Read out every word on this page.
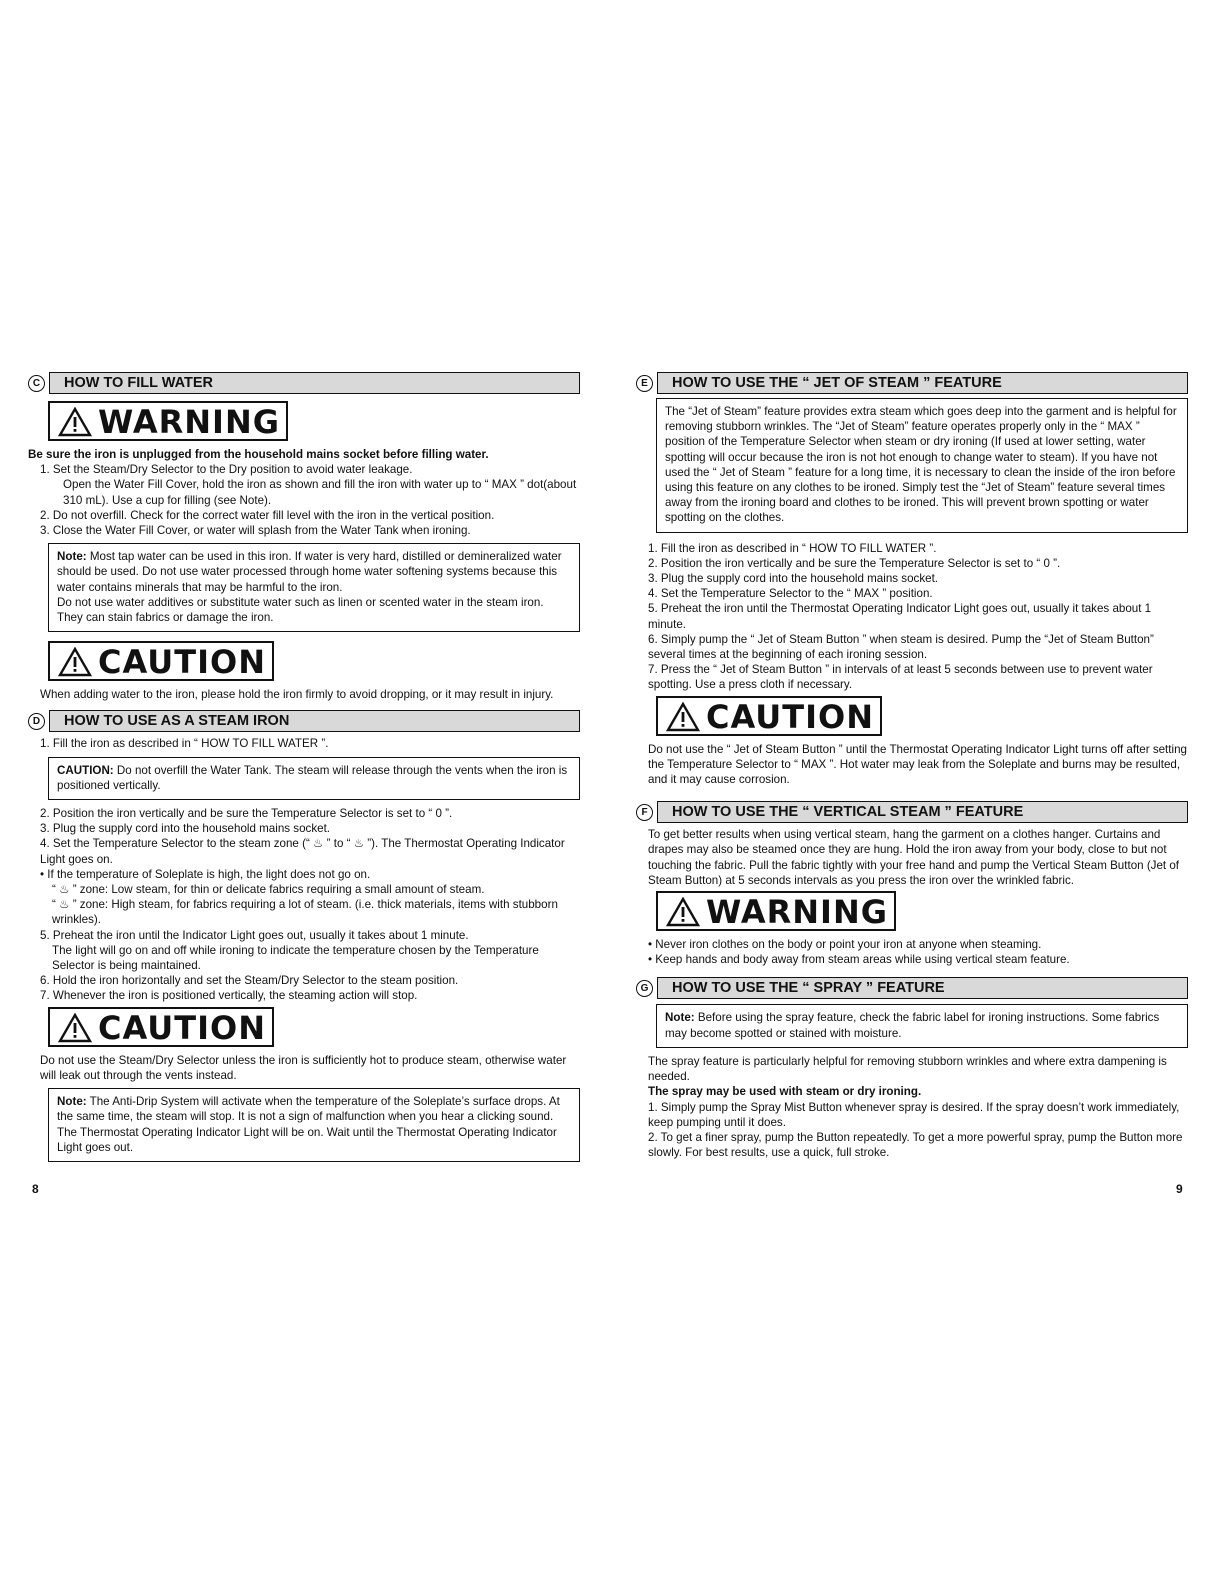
C	HOW TO FILL WATER
WARNING

Be sure the iron is unplugged from the household mains socket before filling water.

1. Set the Steam/Dry Selector to the Dry position to avoid water leakage.

Open the Water Fill Cover, hold the iron as shown and fill the iron with water up to “ MAX ” dot(about 310 mL). Use a cup for filling (see Note).

2. Do not overfill. Check for the correct water fill level with the iron in the vertical position.

3. Close the Water Fill Cover, or water will splash from the Water Tank when ironing.

Note: Most tap water can be used in this iron. If water is very hard, distilled or demineralized water should be used. Do not use water processed through home water softening systems because this water contains minerals that may be harmful to the iron.

Do not use water additives or substitute water such as linen or scented water in the steam iron. They can stain fabrics or damage the iron.

CAUTION

When adding water to the iron, please hold the iron firmly to avoid dropping, or it may result in injury.

D	HOW TO USE AS A STEAM IRON

1. Fill the iron as described in “ HOW TO FILL WATER ”.

CAUTION: Do not overfill the Water Tank. The steam will release through the vents when the iron is positioned vertically.

2. Position the iron vertically and be sure the Temperature Selector is set to “ 0 ”.

3. Plug the supply cord into the household mains socket.

4. Set the Temperature Selector to the steam zone (“ ♨ ” to “ ♨ ”). The Thermostat Operating Indicator Light goes on.

• If the temperature of Soleplate is high, the light does not go on.

“ ♨ ” zone: Low steam, for thin or delicate fabrics requiring a small amount of steam.

“ ♨ ” zone: High steam, for fabrics requiring a lot of steam. (i.e. thick materials, items with stubborn wrinkles).

5. Preheat the iron until the Indicator Light goes out, usually it takes about 1 minute.

The light will go on and off while ironing to indicate the temperature chosen by the Temperature Selector is being maintained.

6. Hold the iron horizontally and set the Steam/Dry Selector to the steam position.

7. Whenever the iron is positioned vertically, the steaming action will stop.

CAUTION

Do not use the Steam/Dry Selector unless the iron is sufficiently hot to produce steam, otherwise water will leak out through the vents instead.

Note: The Anti-Drip System will activate when the temperature of the Soleplate’s surface drops. At the same time, the steam will stop. It is not a sign of malfunction when you hear a clicking sound. The Thermostat Operating Indicator Light will be on. Wait until the Thermostat Operating Indicator Light goes out.

8
E	HOW TO USE THE “ JET OF STEAM ” FEATURE

The “Jet of Steam” feature provides extra steam which goes deep into the garment and is helpful for removing stubborn wrinkles. The “Jet of Steam” feature operates properly only in the “ MAX ” position of the Temperature Selector when steam or dry ironing (If used at lower setting, water spotting will occur because the iron is not hot enough to change water to steam). If you have not used the “ Jet of Steam ” feature for a long time, it is necessary to clean the inside of the iron before using this feature on any clothes to be ironed. Simply test the “Jet of Steam” feature several times away from the ironing board and clothes to be ironed. This will prevent brown spotting or water spotting on the clothes.

1. Fill the iron as described in “ HOW TO FILL WATER ”.

2. Position the iron vertically and be sure the Temperature Selector is set to “ 0 ”.

3. Plug the supply cord into the household mains socket.

4. Set the Temperature Selector to the “ MAX ” position.

5. Preheat the iron until the Thermostat Operating Indicator Light goes out, usually it takes about 1 minute.

6. Simply pump the “ Jet of Steam Button ” when steam is desired. Pump the “Jet of Steam Button” several times at the beginning of each ironing session.

7. Press the “ Jet of Steam Button ” in intervals of at least 5 seconds between use to prevent water spotting. Use a press cloth if necessary.

CAUTION

Do not use the “ Jet of Steam Button ” until the Thermostat Operating Indicator Light turns off after setting the Temperature Selector to “ MAX ”. Hot water may leak from the Soleplate and burns may be resulted, and it may cause corrosion.

F	HOW TO USE THE “ VERTICAL STEAM ” FEATURE

To get better results when using vertical steam, hang the garment on a clothes hanger. Curtains and drapes may also be steamed once they are hung. Hold the iron away from your body, close to but not touching the fabric. Pull the fabric tightly with your free hand and pump the Vertical Steam Button (Jet of Steam Button) at 5 seconds intervals as you press the iron over the wrinkled fabric.

WARNING

• Never iron clothes on the body or point your iron at anyone when steaming.

• Keep hands and body away from steam areas while using vertical steam feature.

G	HOW TO USE THE “ SPRAY ” FEATURE

Note: Before using the spray feature, check the fabric label for ironing instructions. Some fabrics may become spotted or stained with moisture.

The spray feature is particularly helpful for removing stubborn wrinkles and where extra dampening is needed.

The spray may be used with steam or dry ironing.

1. Simply pump the Spray Mist Button whenever spray is desired. If the spray doesn’t work immediately, keep pumping until it does.

2. To get a finer spray, pump the Button repeatedly. To get a more powerful spray, pump the Button more slowly. For best results, use a quick, full stroke.

9
